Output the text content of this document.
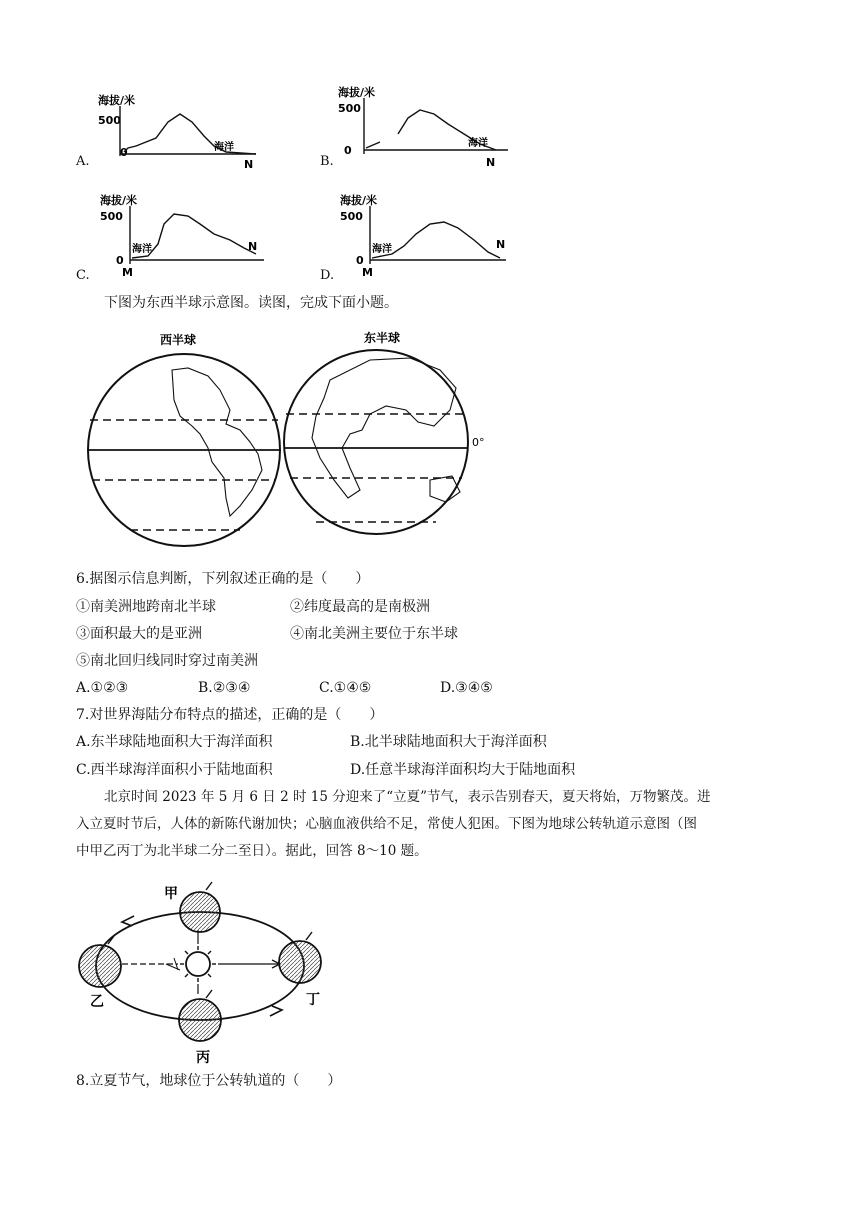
A.
海拔/米
500
0	海洋
N	B.
海拔/米
500
0
海洋
N
C.
海拔/米
500
0
海洋
M
N
D.
海拔/米
500
0
海洋
M
N
下图为东西半球示意图。读图，完成下面小题。
西半球	东半球
0°
6.据图示信息判断，下列叙述正确的是（　　）
①南美洲地跨南北半球	②纬度最高的是南极洲
③面积最大的是亚洲	④南北美洲主要位于东半球
⑤南北回归线同时穿过南美洲
A.①②③	B.②③④	C.①④⑤	D.③④⑤
7.对世界海陆分布特点的描述，正确的是（　　）
A.东半球陆地面积大于海洋面积	B.北半球陆地面积大于海洋面积
C.西半球海洋面积小于陆地面积	D.任意半球海洋面积均大于陆地面积
北京时间 2023 年 5 月 6 日 2 时 15 分迎来了“立夏”节气，表示告别春天，夏天将始，万物繁茂。进
入立夏时节后，人体的新陈代谢加快；心脑血液供给不足，常使人犯困。下图为地球公转轨道示意图（图
中甲乙丙丁为北半球二分二至日）。据此，回答 8～10 题。
甲
乙
丙
丁
8.立夏节气，地球位于公转轨道的（　　）
